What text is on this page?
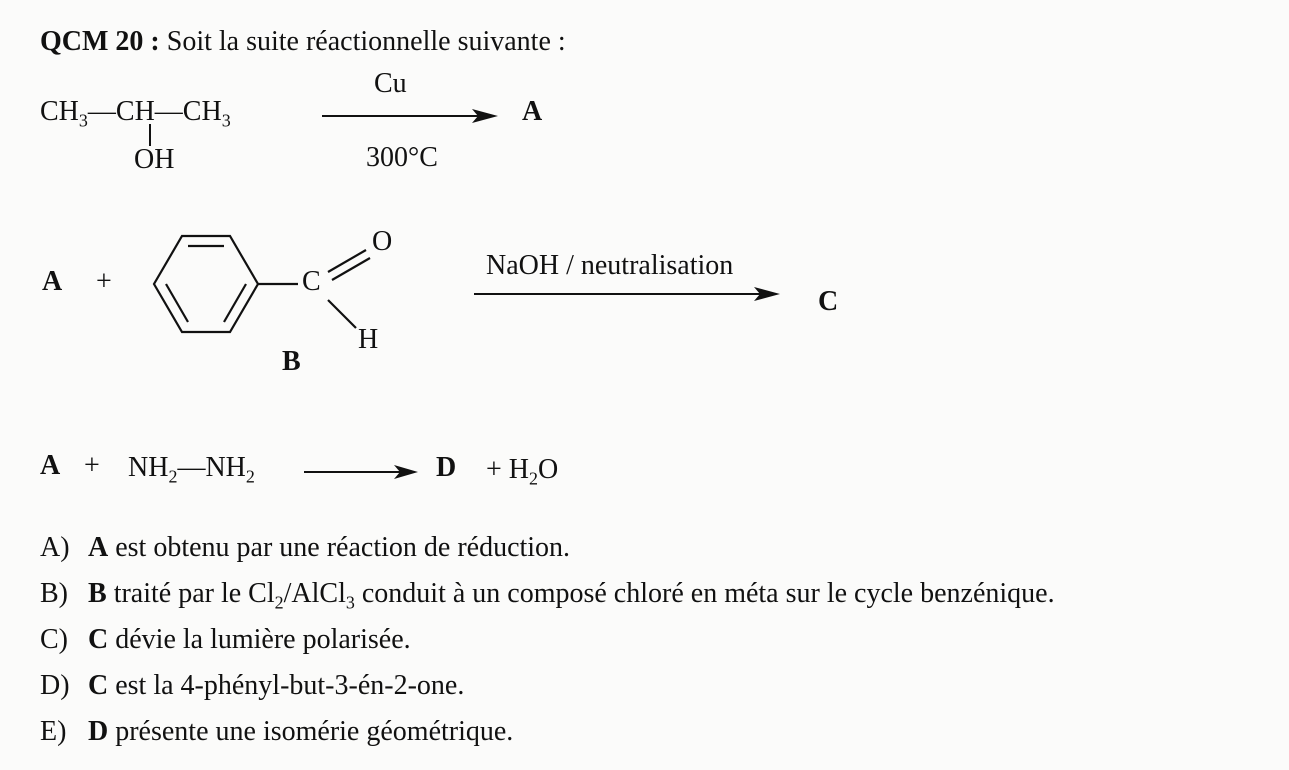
QCM 20 : Soit la suite réactionnelle suivante :
$CH_3—CH—CH_3$
OH
Cu
300°C
A
A +	C
O
H
B
NaOH / neutralisation
C
$A + NH_2—NH_2$	$D + H_2O$
A) A est obtenu par une réaction de réduction.
B) B traité par le $Cl_2/AlCl_3$ conduit à un composé chloré en méta sur le cycle benzénique.
C) C dévie la lumière polarisée.
D) C est la 4-phényl-but-3-én-2-one.
E) D présente une isomérie géométrique.
